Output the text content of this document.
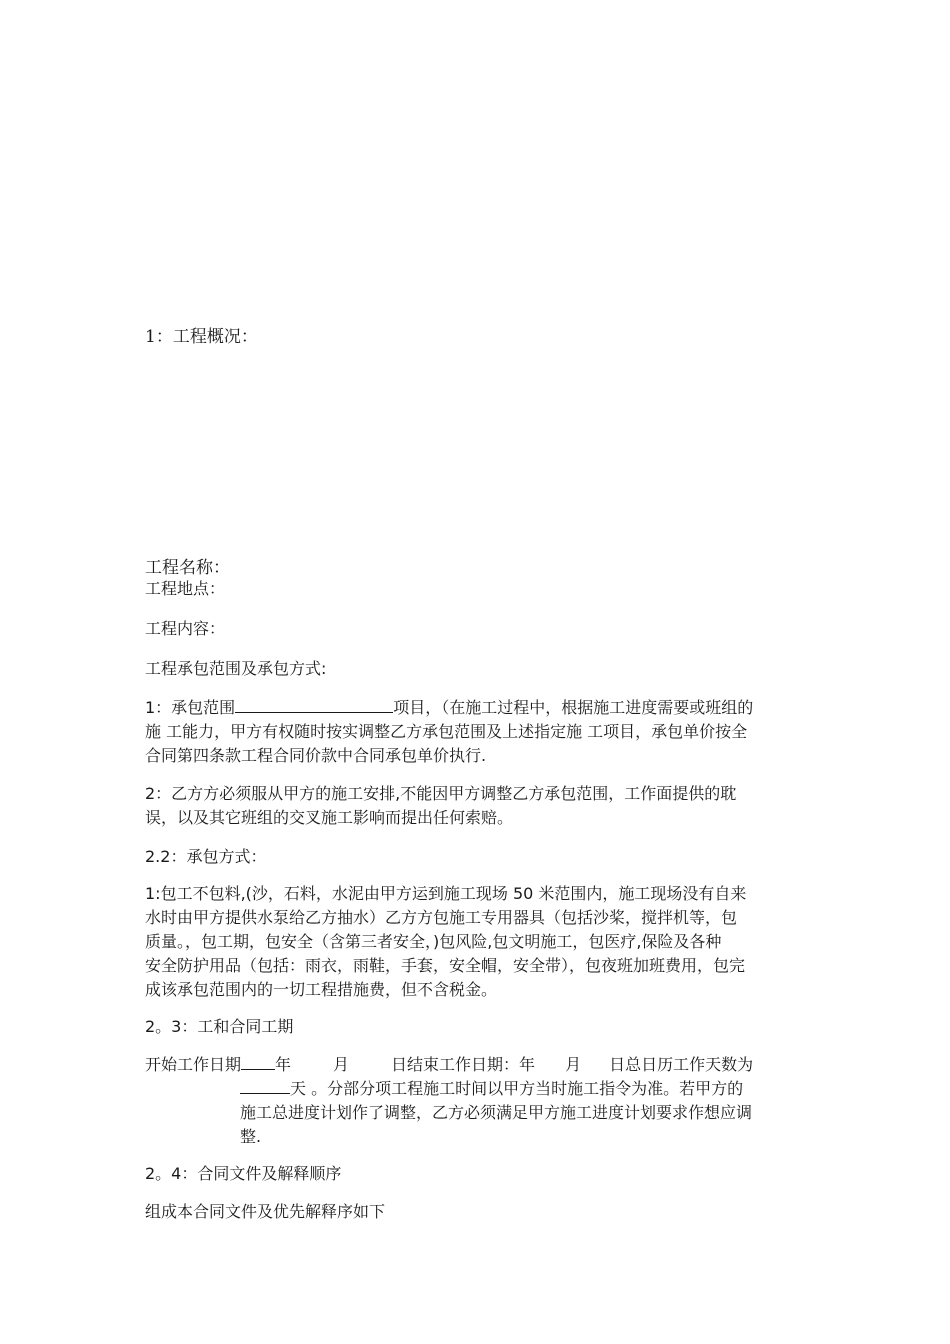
1：工程概况：

工程名称：

工程地点：

工程内容：

工程承包范围及承包方式:

1：承包范围	项目，（在施工过程中，根据施工进度需要或班组的
施 工能力，甲方有权随时按实调整乙方承包范围及上述指定施 工项目，承包单价按全
合同第四条款工程合同价款中合同承包单价执行.
2：乙方方必须服从甲方的施工安排,不能因甲方调整乙方承包范围，工作面提供的耽
误，以及其它班组的交叉施工影响而提出任何索赔。

2.2：承包方式：

1:包工不包料,(沙，石料，水泥由甲方运到施工现场 50 米范围内，施工现场没有自来
水时由甲方提供水泵给乙方抽水）乙方方包施工专用器具（包括沙桨，搅拌机等，包
质量。，包工期，包安全（含第三者安全，)包风险,包文明施工，包医疗,保险及各种
安全防护用品（包括：雨衣，雨鞋，手套，安全帽，安全带），包夜班加班费用，包完
成该承包范围内的一切工程措施费，但不含税金。

2。3：工和合同工期

开始工作日期 年	月	日结束工作日期：年 月 日总日历工作天数为
天 。分部分项工程施工时间以甲方当时施工指令为准。若甲方的
施工总进度计划作了调整，乙方必须满足甲方施工进度计划要求作想应调
整.

2。4：合同文件及解释顺序

组成本合同文件及优先解释序如下
